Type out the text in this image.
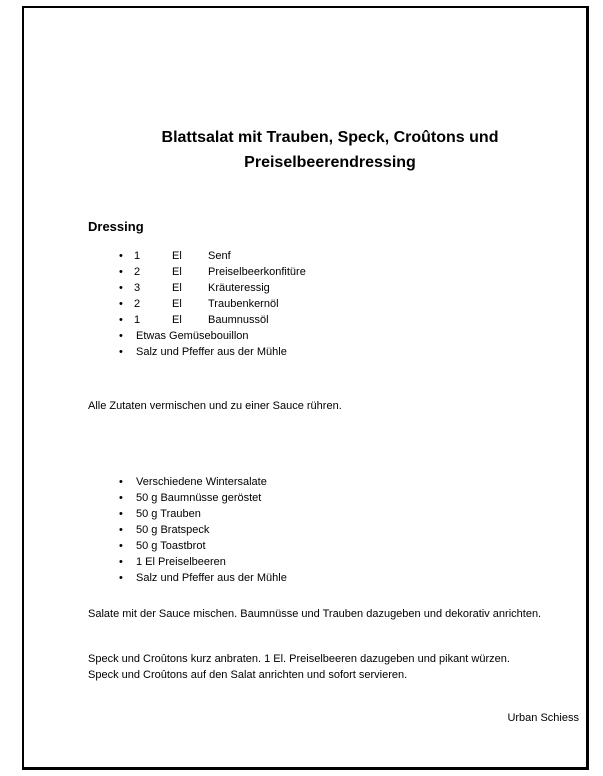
Blattsalat mit Trauben, Speck, Croûtons und Preiselbeerendressing
Dressing
• 1	El Senf
• 2	El Preiselbeerkonfitüre
• 3	El Kräuteressig
• 2	El Traubenkernöl
• 1	El Baumnussöl
• Etwas Gemüsebouillon
• Salz und Pfeffer aus der Mühle
Alle Zutaten vermischen und zu einer Sauce rühren.
• Verschiedene Wintersalate
• 50 g Baumnüsse geröstet
• 50 g Trauben
• 50 g Bratspeck
• 50 g Toastbrot
• 1 El Preiselbeeren
• Salz und Pfeffer aus der Mühle
Salate mit der Sauce mischen. Baumnüsse und Trauben dazugeben und dekorativ anrichten.
Speck und Croûtons kurz anbraten. 1 El. Preiselbeeren dazugeben und pikant würzen. Speck und Croûtons auf den Salat anrichten und sofort servieren.
Urban Schiess
